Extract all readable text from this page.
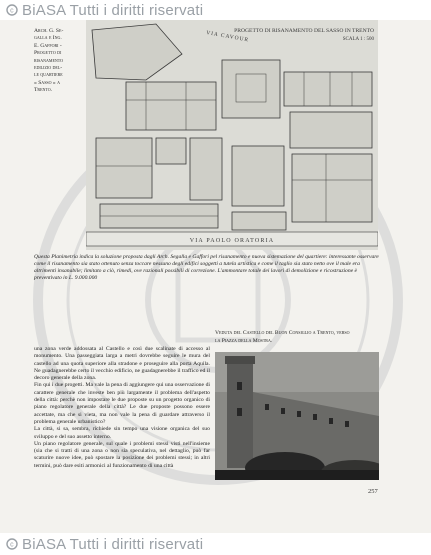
c BiASA Tutti i diritti riservati
Arch. G. Se-
galla e Ing.
E. Gaffori -
Progetto di
risanamento
edilizio del-
le quartiere
« Sasso » a
Trento.
VIA PAOLO ORATORIA
VIA CAVOUR
PROGETTO DI RISANAMENTO DEL SASSO IN TRENTO
SCALA 1 : 500
Questa Planimetria indica la soluzione proposta dagli Arch. Segalla e Gaffori pel risanamento e nuova sistemazione del quartiere: interessante osservare come il risanamento sia stato ottenuto senza toccare nessuno degli edifici soggetti a tutela artistica e come il taglio sia stato netto ove il male era altrimenti insanabile; limitato a ciò, rimedi, ove razionali possibili di correzione. L'ammontare totale dei lavori di demolizione e ricostruzione è preventivato in L. 9.000.000

una zona verde addossata al Castello e così due scalinate di accesso al monumento. Una passeggiata larga a metri dovrebbe seguire le mura del castello ad una quota superiore alla stradone e proseguire alla porta Aquila. Ne guadagnerebbe certo il vecchio edificio, ne guadagnerebbe il traffico ed il decoro generale della zona.

Fin qui i due progetti. Ma vale la pena di aggiungere qui una osservazione di carattere generale che investe ben più largamente il problema dell'aspetto della città: perchè non impostare le due proposte su un progetto organico di piano regolatore generale della città? Le due proposte possono essere accettate, ma che si vieta, ma non vale la pena di guardare attraverso il problema generale urbanistico?

La città, si sa, sembra, richiede sin tempo una visione organica del suo sviluppo e del suo assetto interno.

Un piano regolatore generale, sul quale i problemi stessi visti nell'insieme (sia che si tratti di una zona o non sia speculativa, nel dettaglio, può far scaturire nuove idee, può spostare la posizione dei problemi stessi; in altri termini, può dare esiti armonici al funzionamento di una città

Veduta del Castello del Buon Consiglio a Trento, verso
la Piazza della Mostra.
257
c BiASA Tutti i diritti riservati
